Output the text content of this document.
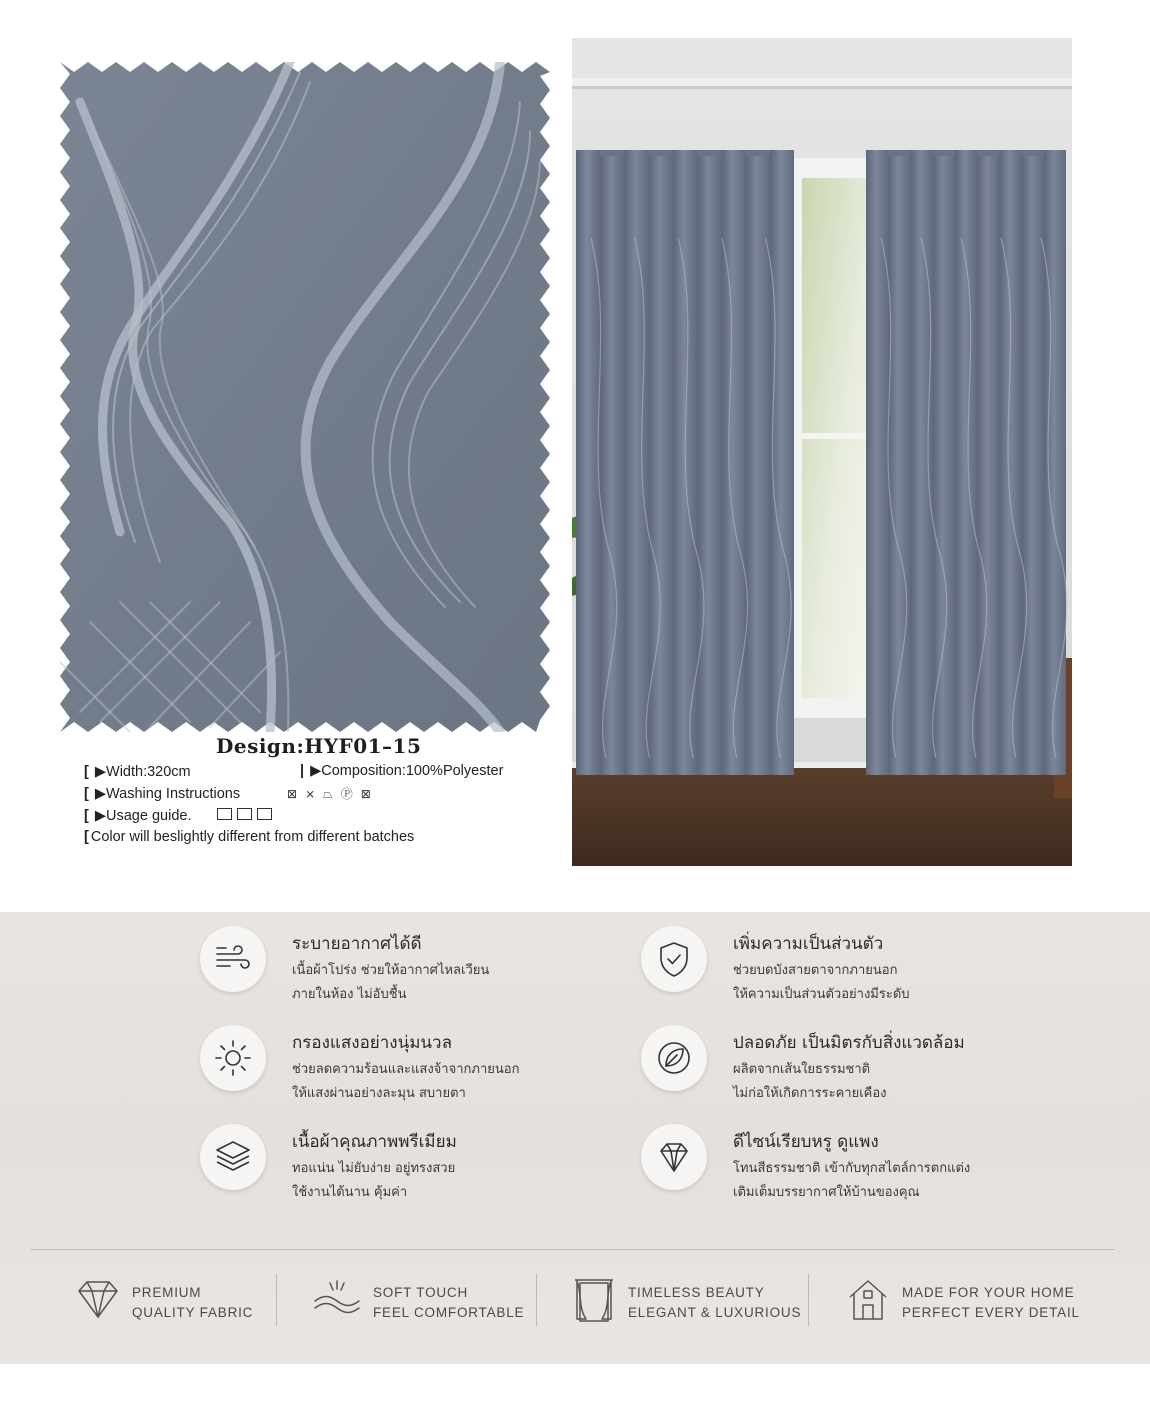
Design:HYF01–15
[ ▶Width:320cm	| ▶Composition:100%Polyester
[ ▶Washing Instructions	⊠ ⨯ ⏢ Ⓟ ⊠
[ ▶Usage guide.
[ Color will beslightly different from different batches
ระบายอากาศได้ดี
เนื้อผ้าโปร่ง ช่วยให้อากาศไหลเวียน
ภายในห้อง ไม่อับชื้น
เพิ่มความเป็นส่วนตัว
ช่วยบดบังสายตาจากภายนอก
ให้ความเป็นส่วนตัวอย่างมีระดับ
กรองแสงอย่างนุ่มนวล
ช่วยลดความร้อนและแสงจ้าจากภายนอก
ให้แสงผ่านอย่างละมุน สบายตา
ปลอดภัย เป็นมิตรกับสิ่งแวดล้อม
ผลิตจากเส้นใยธรรมชาติ
ไม่ก่อให้เกิดการระคายเคือง
เนื้อผ้าคุณภาพพรีเมียม
ทอแน่น ไม่ยับง่าย อยู่ทรงสวย
ใช้งานได้นาน คุ้มค่า
ดีไซน์เรียบหรู ดูแพง
โทนสีธรรมชาติ เข้ากับทุกสไตล์การตกแต่ง
เติมเต็มบรรยากาศให้บ้านของคุณ
PREMIUM
QUALITY FABRIC
SOFT TOUCH
FEEL COMFORTABLE
TIMELESS BEAUTY
ELEGANT & LUXURIOUS
MADE FOR YOUR HOME
PERFECT EVERY DETAIL
